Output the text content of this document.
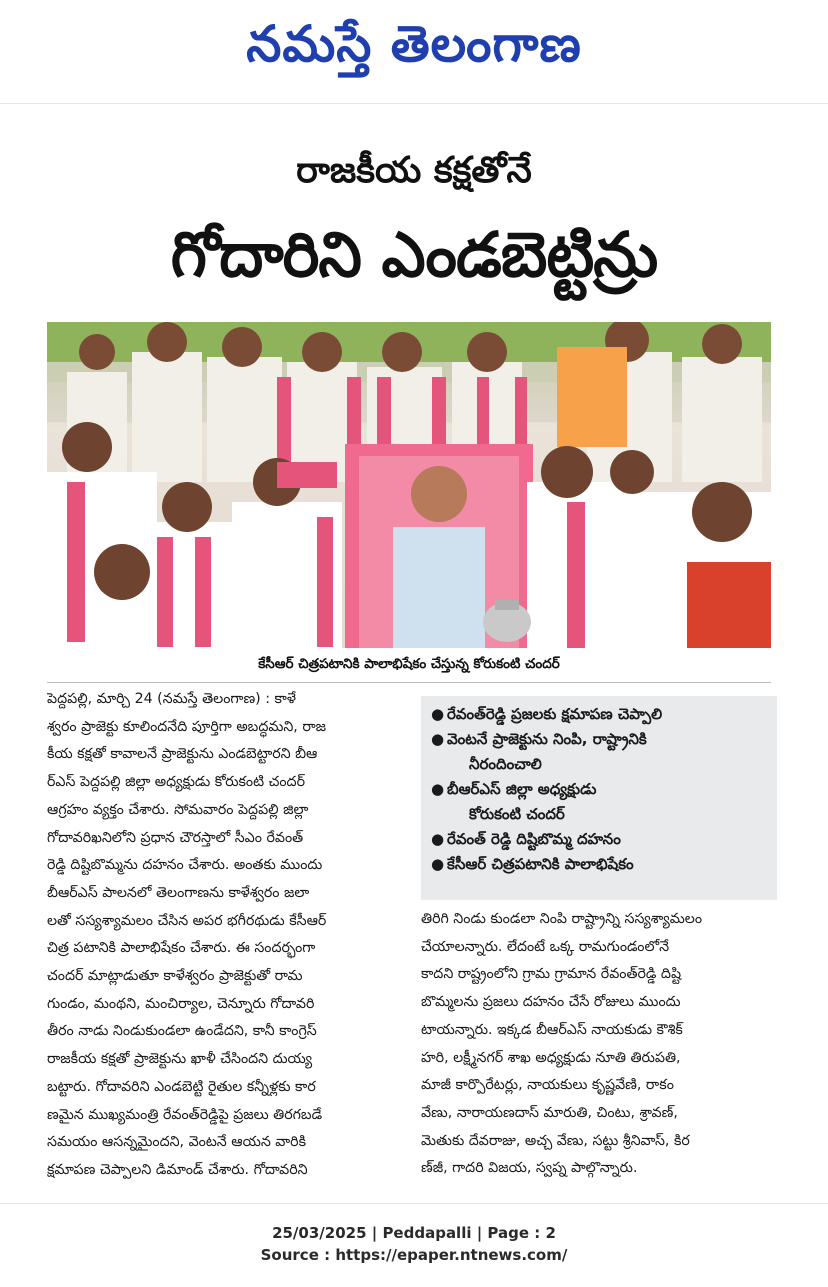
నమస్తే తెలంగాణ
రాజకీయ కక్షతోనే
గోదారిని ఎండబెట్టిన్రు
కేసీఆర్ చిత్రపటానికి పాలాభిషేకం చేస్తున్న కోరుకంటి చందర్
పెద్దపల్లి, మార్చి 24 (నమస్తే తెలంగాణ) : కాళే
శ్వరం ప్రాజెక్టు కూలిందనేది పూర్తిగా అబద్ధమని, రాజ
కీయ కక్షతో కావాలనే ప్రాజెక్టును ఎండబెట్టారని బీఆ
ర్ఎస్ పెద్దపల్లి జిల్లా అధ్యక్షుడు కోరుకంటి చందర్
ఆగ్రహం వ్యక్తం చేశారు. సోమవారం పెద్దపల్లి జిల్లా
గోదావరిఖనిలోని ప్రధాన చౌరస్తాలో సీఎం రేవంత్
రెడ్డి దిష్టిబొమ్మను దహనం చేశారు. అంతకు ముందు
బీఆర్ఎస్ పాలనలో తెలంగాణను కాళేశ్వరం జలా
లతో సస్యశ్యామలం చేసిన అపర భగీరథుడు కేసీఆర్
చిత్ర పటానికి పాలాభిషేకం చేశారు. ఈ సందర్భంగా
చందర్ మాట్లాడుతూ కాళేశ్వరం ప్రాజెక్టుతో రామ
గుండం, మంథని, మంచిర్యాల, చెన్నూరు గోదావరి
తీరం నాడు నిండుకుండలా ఉండేదని, కానీ కాంగ్రెస్
రాజకీయ కక్షతో ప్రాజెక్టును ఖాళీ చేసిందని దుయ్య
బట్టారు. గోదావరిని ఎండబెట్టి రైతుల కన్నీళ్లకు కార
ణమైన ముఖ్యమంత్రి రేవంత్‌రెడ్డిపై ప్రజలు తిరగబడే
సమయం ఆసన్నమైందని, వెంటనే ఆయన వారికి
క్షమాపణ చెప్పాలని డిమాండ్ చేశారు. గోదావరిని
● రేవంత్‌రెడ్డి ప్రజలకు క్షమాపణ చెప్పాలి
● వెంటనే ప్రాజెక్టును నింపి, రాష్ట్రానికి
నీరందించాలి
● బీఆర్ఎస్ జిల్లా అధ్యక్షుడు
కోరుకంటి చందర్
● రేవంత్ రెడ్డి దిష్టిబొమ్మ దహనం
● కేసీఆర్ చిత్రపటానికి పాలాభిషేకం
తిరిగి నిండు కుండలా నింపి రాష్ట్రాన్ని సస్యశ్యామలం
చేయాలన్నారు. లేదంటే ఒక్క రామగుండంలోనే
కాదని రాష్ట్రంలోని గ్రామ గ్రామాన రేవంత్‌రెడ్డి దిష్టి
బొమ్మలను ప్రజలు దహనం చేసే రోజులు ముందు
టాయన్నారు. ఇక్కడ బీఆర్ఎస్ నాయకుడు కౌశిక్
హరి, లక్ష్మీనగర్ శాఖ అధ్యక్షుడు నూతి తిరుపతి,
మాజీ కార్పొరేటర్లు, నాయకులు కృష్ణవేణి, రాకం
వేణు, నారాయణదాస్ మారుతి, చింటు, శ్రావణ్,
మెతుకు దేవరాజు, అచ్చ వేణు, సట్టు శ్రీనివాస్, కిర
ణ్‌జీ, గాదరి విజయ, స్వప్న పాల్గొన్నారు.
25/03/2025 | Peddapalli | Page : 2
Source : https://epaper.ntnews.com/
